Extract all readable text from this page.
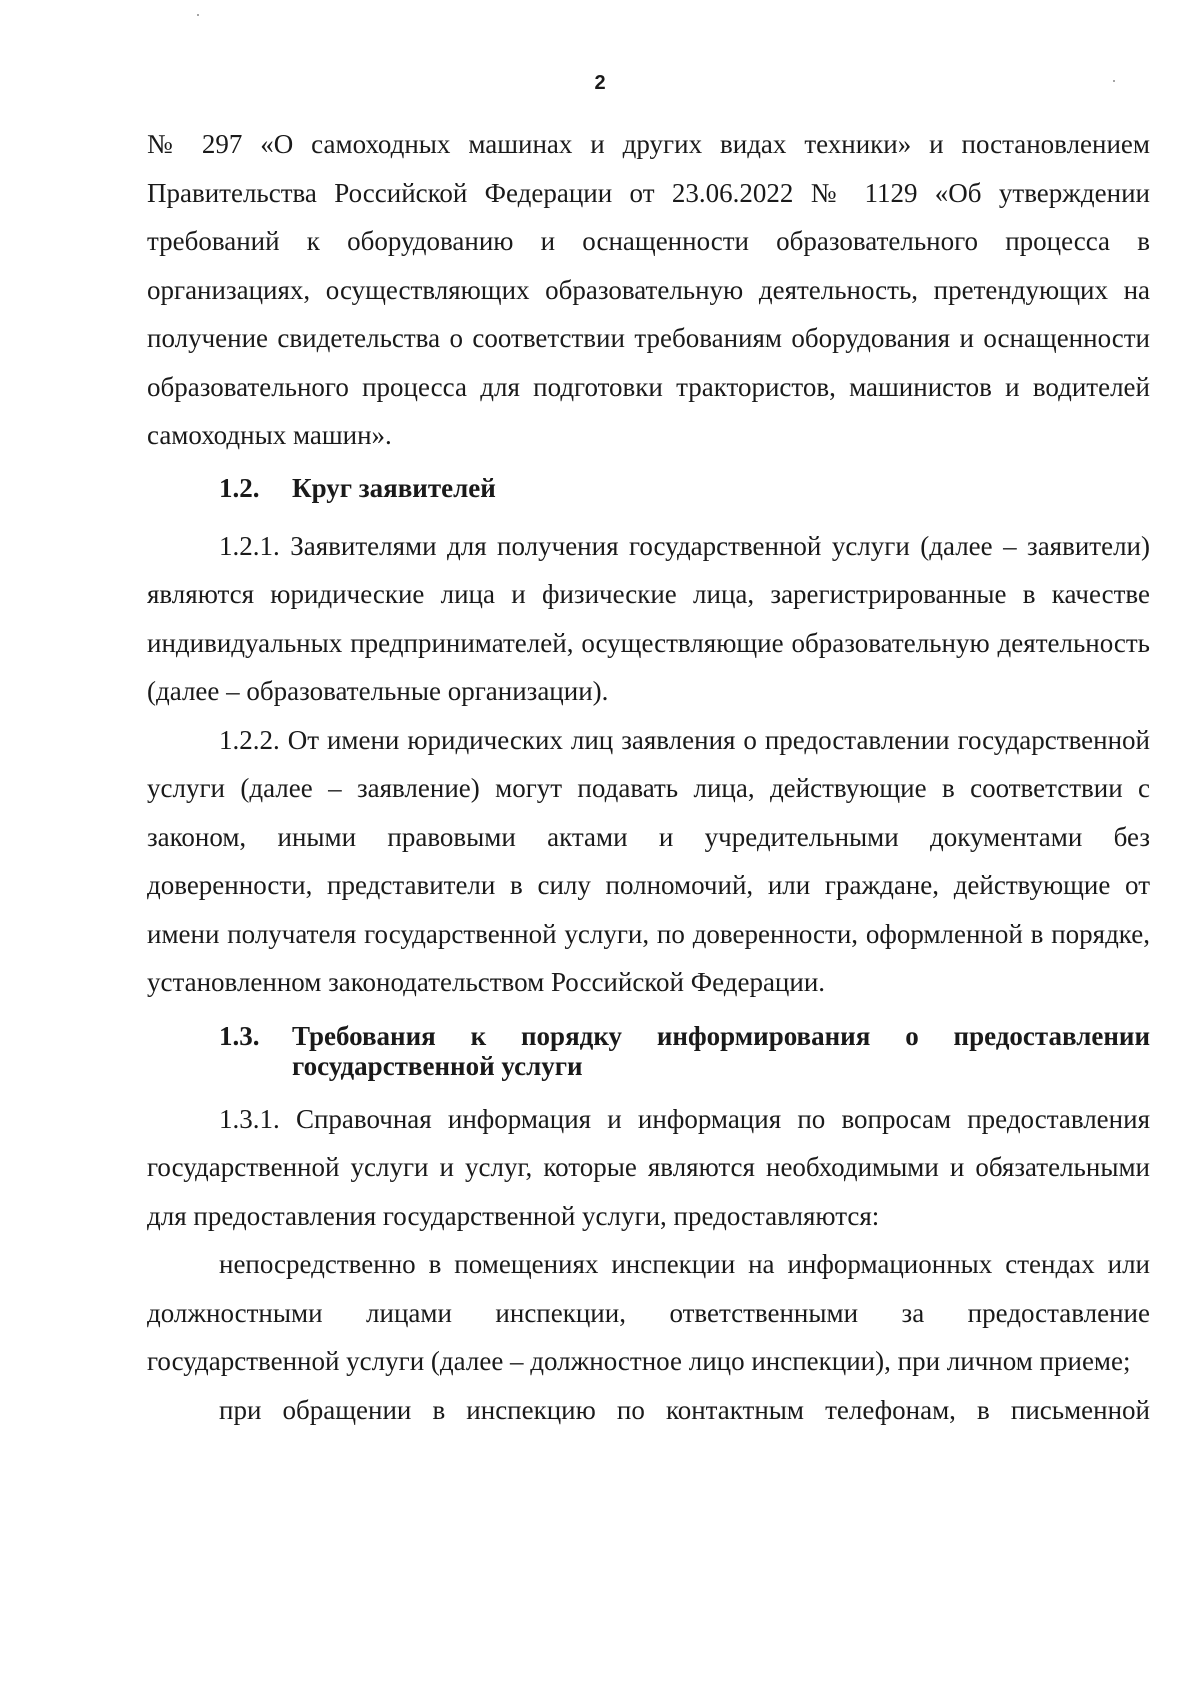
2

№ 297 «О самоходных машинах и других видах техники» и постановлением Правительства Российской Федерации от 23.06.2022 № 1129 «Об утверждении требований к оборудованию и оснащенности образовательного процесса в организациях, осуществляющих образовательную деятельность, претендующих на получение свидетельства о соответствии требованиям оборудования и оснащенности образовательного процесса для подготовки трактористов, машинистов и водителей самоходных машин».

1.2.	Круг заявителей

1.2.1. Заявителями для получения государственной услуги (далее – заявители) являются юридические лица и физические лица, зарегистрированные в качестве индивидуальных предпринимателей, осуществляющие образовательную деятельность (далее – образовательные организации).

1.2.2. От имени юридических лиц заявления о предоставлении государственной услуги (далее – заявление) могут подавать лица, действующие в соответствии с законом, иными правовыми актами и учредительными документами без доверенности, представители в силу полномочий, или граждане, действующие от имени получателя государственной услуги, по доверенности, оформленной в порядке, установленном законодательством Российской Федерации.

1.3.	Требования к порядку информирования о предоставлении государственной услуги

1.3.1. Справочная информация и информация по вопросам предоставления государственной услуги и услуг, которые являются необходимыми и обязательными для предоставления государственной услуги, предоставляются:

непосредственно в помещениях инспекции на информационных стендах или должностными лицами инспекции, ответственными за предоставление государственной услуги (далее – должностное лицо инспекции), при личном приеме;

при обращении в инспекцию по контактным телефонам, в письменной
